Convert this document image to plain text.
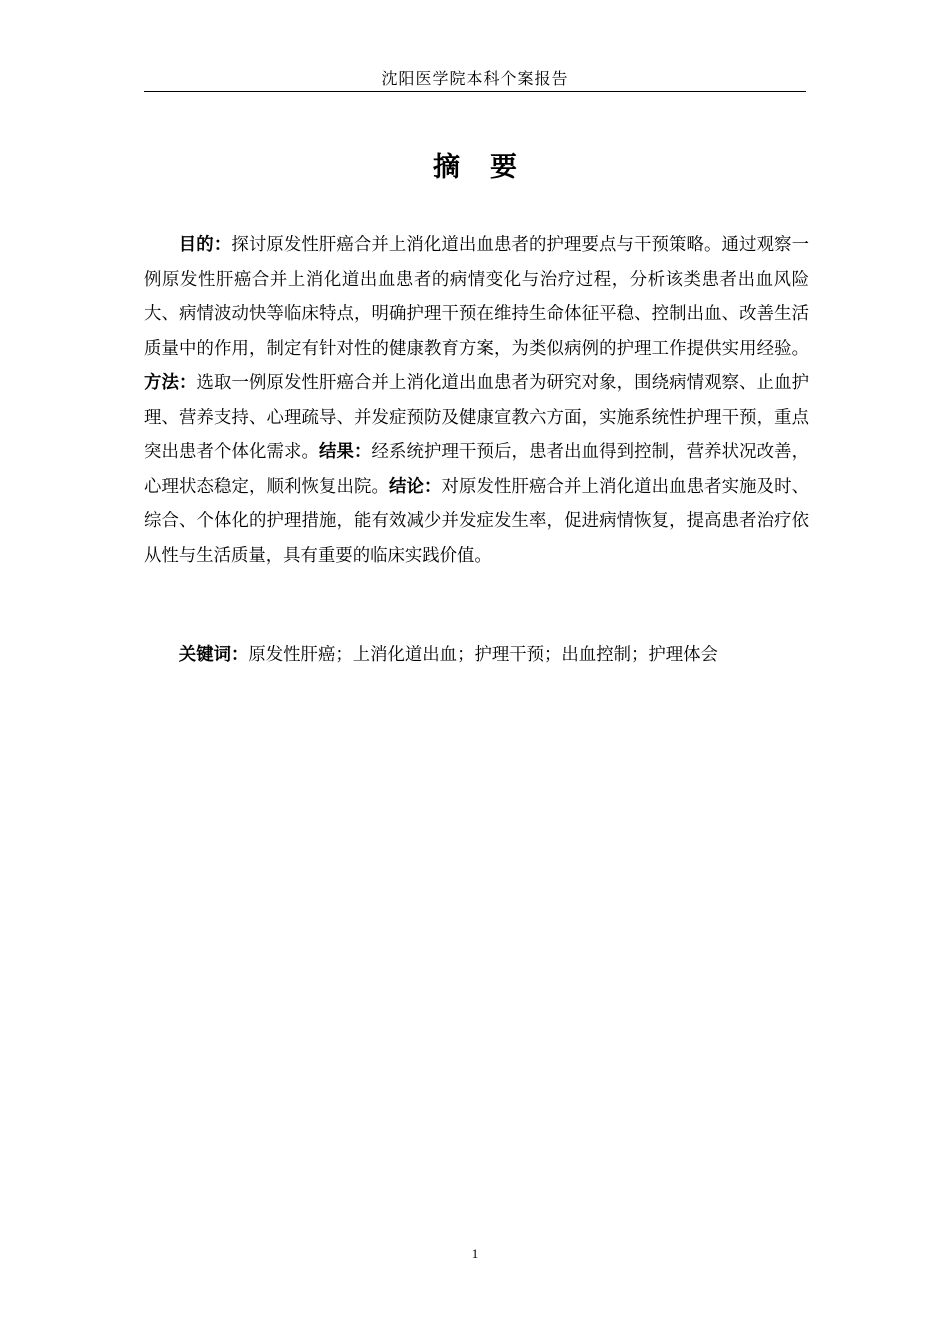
沈阳医学院本科个案报告
摘 要

目的：探讨原发性肝癌合并上消化道出血患者的护理要点与干预策略。通过观察一例原发性肝癌合并上消化道出血患者的病情变化与治疗过程，分析该类患者出血风险大、病情波动快等临床特点，明确护理干预在维持生命体征平稳、控制出血、改善生活质量中的作用，制定有针对性的健康教育方案，为类似病例的护理工作提供实用经验。方法：选取一例原发性肝癌合并上消化道出血患者为研究对象，围绕病情观察、止血护理、营养支持、心理疏导、并发症预防及健康宣教六方面，实施系统性护理干预，重点突出患者个体化需求。结果：经系统护理干预后，患者出血得到控制，营养状况改善，心理状态稳定，顺利恢复出院。结论：对原发性肝癌合并上消化道出血患者实施及时、综合、个体化的护理措施，能有效减少并发症发生率，促进病情恢复，提高患者治疗依从性与生活质量，具有重要的临床实践价值。

关键词：原发性肝癌；上消化道出血；护理干预；出血控制；护理体会

1
